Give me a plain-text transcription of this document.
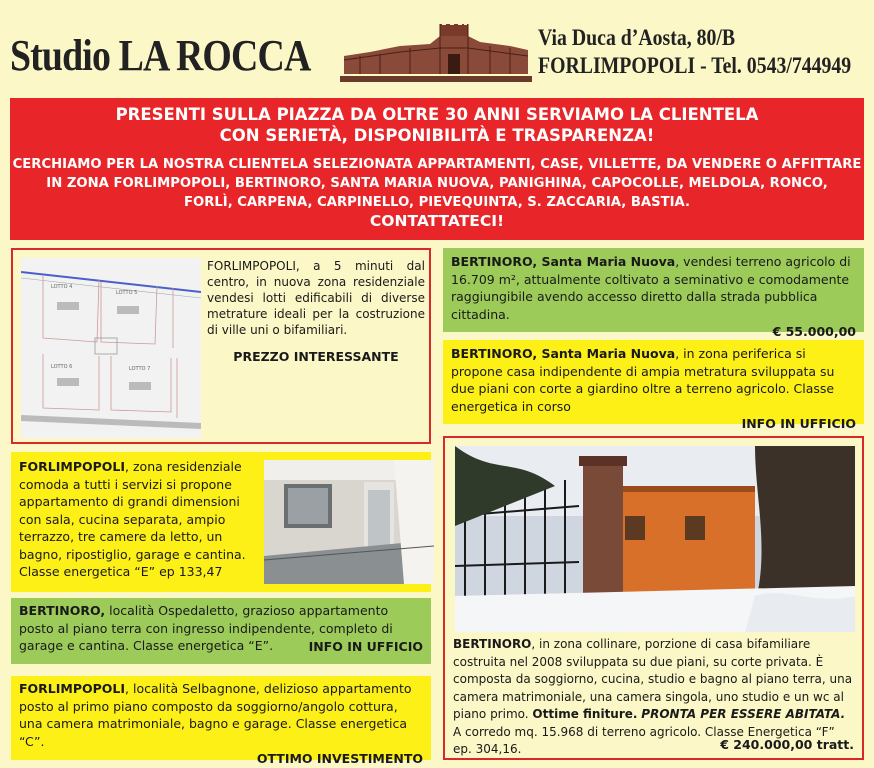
Studio LA ROCCA	Via Duca d’Aosta, 80/B
FORLIMPOPOLI - Tel. 0543/744949
PRESENTI SULLA PIAZZA DA OLTRE 30 ANNI SERVIAMO LA CLIENTELA
CON SERIETÀ, DISPONIBILITÀ E TRASPARENZA!
CERCHIAMO PER LA NOSTRA CLIENTELA SELEZIONATA APPARTAMENTI, CASE, VILLETTE, DA VENDERE O AFFITTARE
IN ZONA FORLIMPOPOLI, BERTINORO, SANTA MARIA NUOVA, PANIGHINA, CAPOCOLLE, MELDOLA, RONCO,
FORLÌ, CARPENA, CARPINELLO, PIEVEQUINTA, S. ZACCARIA, BASTIA.
CONTATTATECI!
LOTTO 4
LOTTO 5
LOTTO 6	LOTTO 7
FORLIMPOPOLI, a 5 minuti dal centro, in nuova zona residenziale vendesi lotti edificabili di diverse metrature ideali per la costruzione di ville uni o bifamiliari.
PREZZO INTERESSANTE
BERTINORO, Santa Maria Nuova, vendesi terreno agricolo di 16.709 m², attualmente coltivato a seminativo e comodamente raggiungibile avendo accesso diretto dalla strada pubblica cittadina.
€ 55.000,00
BERTINORO, Santa Maria Nuova, in zona periferica si propone casa indipendente di ampia metratura sviluppata su due piani con corte a giardino oltre a terreno agricolo. Classe energetica in corso
INFO IN UFFICIO
FORLIMPOPOLI, zona residenziale comoda a tutti i servizi si propone appartamento di grandi dimensioni con sala, cucina separata, ampio terrazzo, tre camere da letto, un bagno, ripostiglio, garage e cantina. Classe energetica “E” ep 133,47
BERTINORO, località Ospedaletto, grazioso appartamento posto al piano terra con ingresso indipendente, completo di garage e cantina. Classe energetica “E”.	INFO IN UFFICIO
FORLIMPOPOLI, località Selbagnone, delizioso appartamento posto al primo piano composto da soggiorno/angolo cottura, una camera matrimoniale, bagno e garage. Classe energetica “C”.
OTTIMO INVESTIMENTO
BERTINORO, in zona collinare, porzione di casa bifamiliare costruita nel 2008 sviluppata su due piani, su corte privata. È composta da soggiorno, cucina, studio e bagno al piano terra, una camera matrimoniale, una camera singola, uno studio e un wc al piano primo. Ottime finiture. PRONTA PER ESSERE ABITATA. A corredo mq. 15.968 di terreno agricolo. Classe Energetica “F” ep. 304,16.	€ 240.000,00 tratt.
